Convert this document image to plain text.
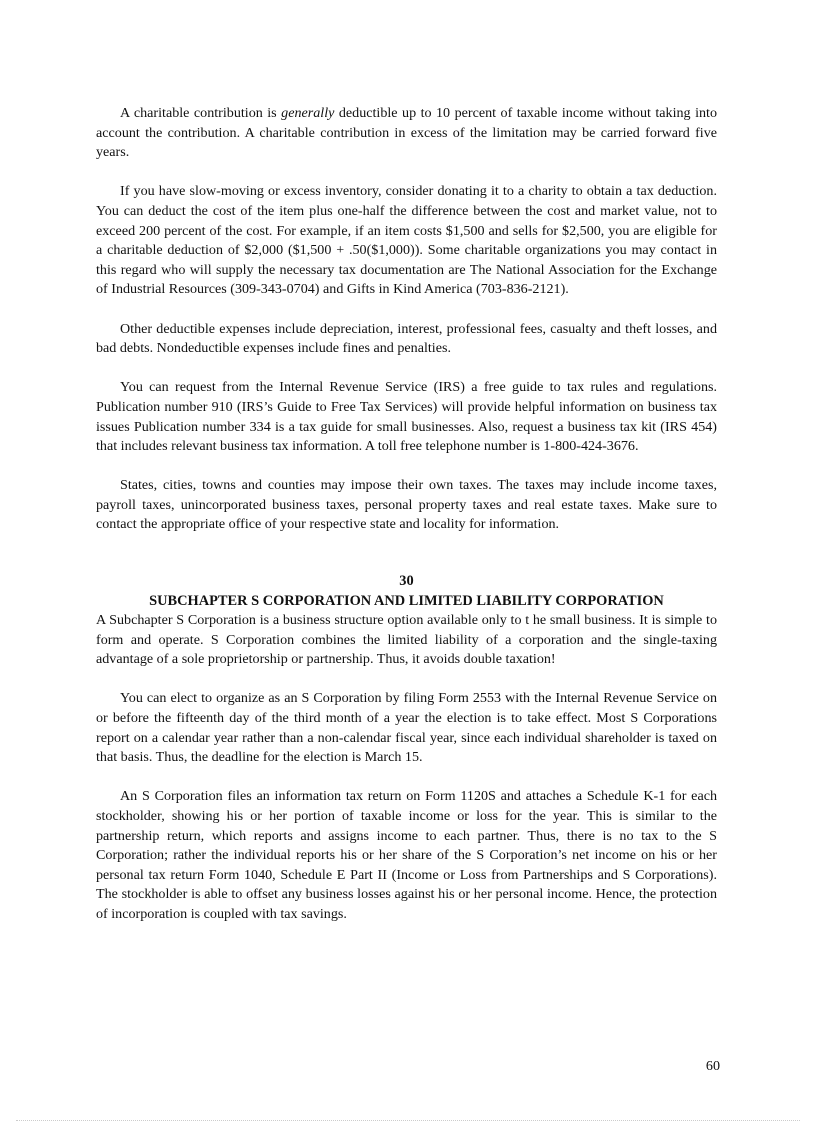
A charitable contribution is generally deductible up to 10 percent of taxable income without taking into account the contribution. A charitable contribution in excess of the limitation may be carried forward five years.

If you have slow-moving or excess inventory, consider donating it to a charity to obtain a tax deduction. You can deduct the cost of the item plus one-half the difference between the cost and market value, not to exceed 200 percent of the cost. For example, if an item costs $1,500 and sells for $2,500, you are eligible for a charitable deduction of $2,000 ($1,500 + .50($1,000)). Some charitable organizations you may contact in this regard who will supply the necessary tax documentation are The National Association for the Exchange of Industrial Resources (309-343-0704) and Gifts in Kind America (703-836-2121).

Other deductible expenses include depreciation, interest, professional fees, casualty and theft losses, and bad debts. Nondeductible expenses include fines and penalties.

You can request from the Internal Revenue Service (IRS) a free guide to tax rules and regulations. Publication number 910 (IRS’s Guide to Free Tax Services) will provide helpful information on business tax issues Publication number 334 is a tax guide for small businesses. Also, request a business tax kit (IRS 454) that includes relevant business tax information. A toll free telephone number is 1-800-424-3676.

States, cities, towns and counties may impose their own taxes. The taxes may include income taxes, payroll taxes, unincorporated business taxes, personal property taxes and real estate taxes. Make sure to contact the appropriate office of your respective state and locality for information.

30
SUBCHAPTER S CORPORATION AND LIMITED LIABILITY CORPORATION

A Subchapter S Corporation is a business structure option available only to t he small business. It is simple to form and operate. S Corporation combines the limited liability of a corporation and the single-taxing advantage of a sole proprietorship or partnership. Thus, it avoids double taxation!

You can elect to organize as an S Corporation by filing Form 2553 with the Internal Revenue Service on or before the fifteenth day of the third month of a year the election is to take effect. Most S Corporations report on a calendar year rather than a non-calendar fiscal year, since each individual shareholder is taxed on that basis. Thus, the deadline for the election is March 15.

An S Corporation files an information tax return on Form 1120S and attaches a Schedule K-1 for each stockholder, showing his or her portion of taxable income or loss for the year. This is similar to the partnership return, which reports and assigns income to each partner. Thus, there is no tax to the S Corporation; rather the individual reports his or her share of the S Corporation’s net income on his or her personal tax return Form 1040, Schedule E Part II (Income or Loss from Partnerships and S Corporations). The stockholder is able to offset any business losses against his or her personal income. Hence, the protection of incorporation is coupled with tax savings.

60
